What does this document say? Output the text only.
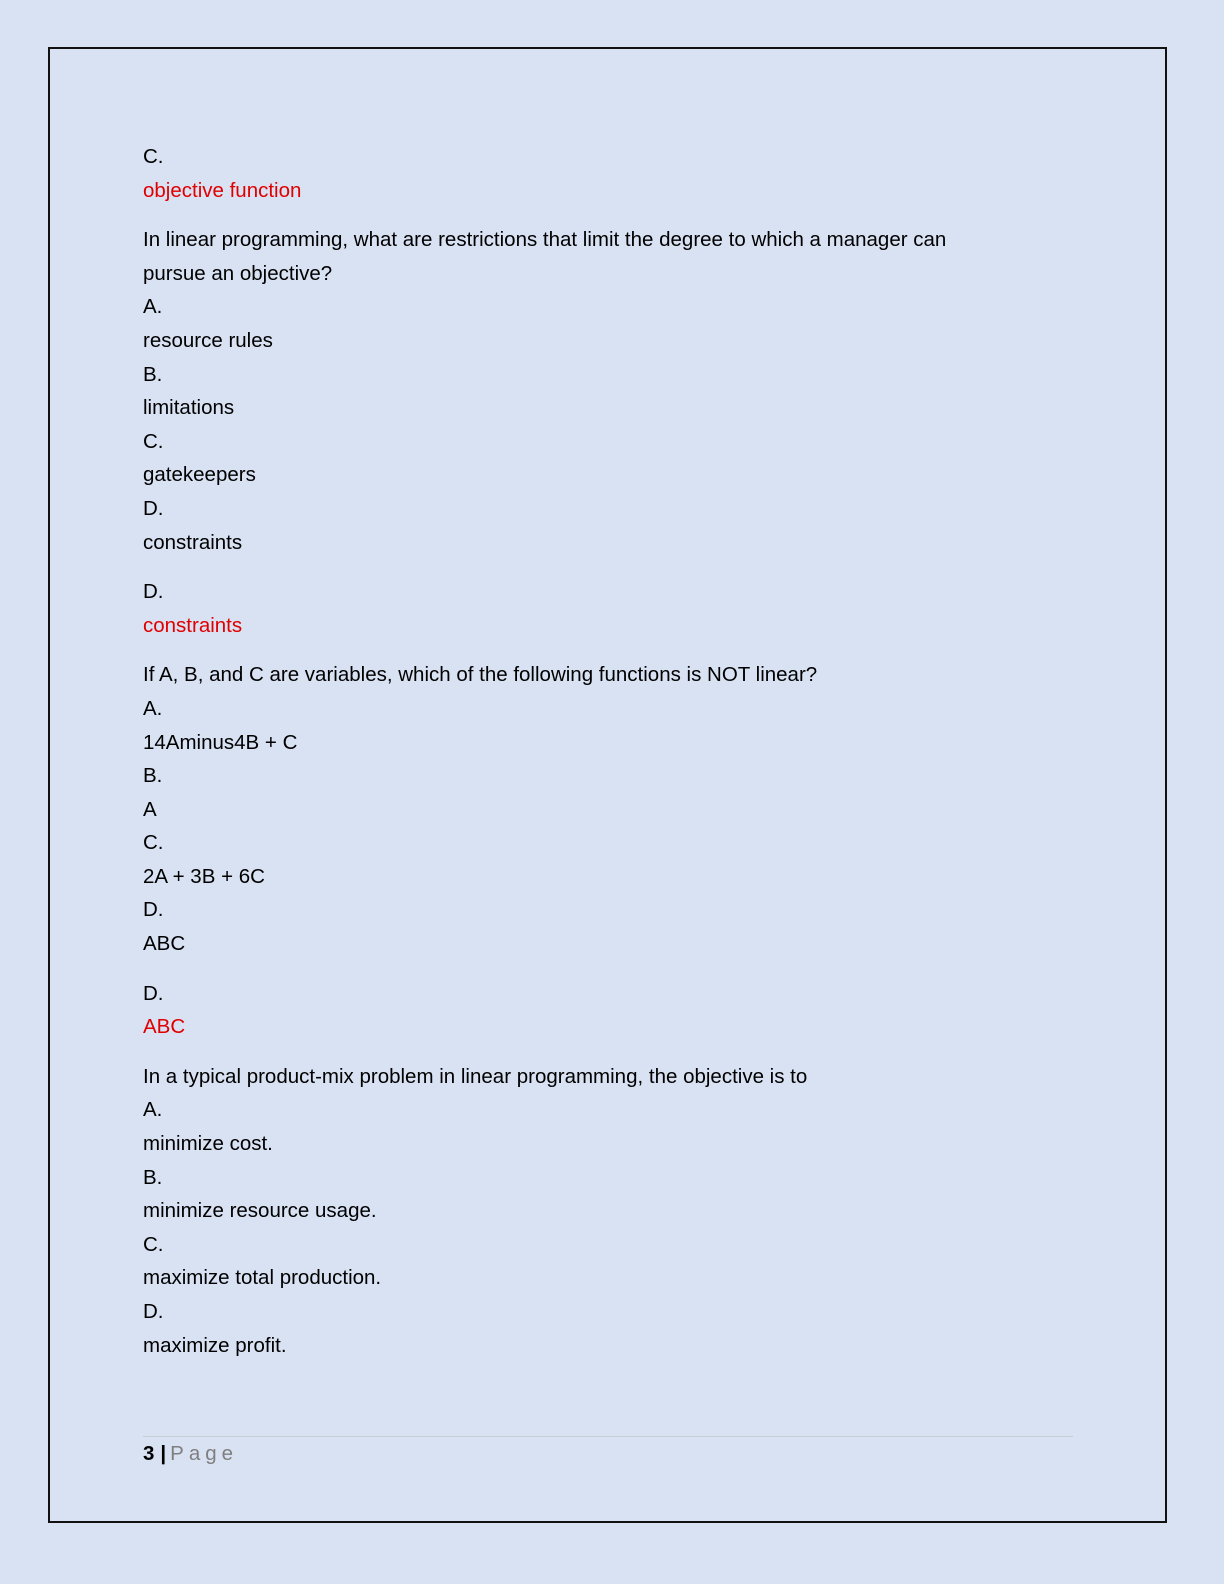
C.
objective function
In linear programming, what are restrictions that limit the degree to which a manager can
pursue an objective?
A.
resource rules
B.
limitations
C.
gatekeepers
D.
constraints
D.
constraints
If A, B, and C are variables, which of the following functions is NOT linear?
A.
14Aminus4B + C
B.
A
C.
2A + 3B + 6C
D.
ABC
D.
ABC
In a typical product-mix problem in linear programming, the objective is to
A.
minimize cost.
B.
minimize resource usage.
C.
maximize total production.
D.
maximize profit.
3 | Page
